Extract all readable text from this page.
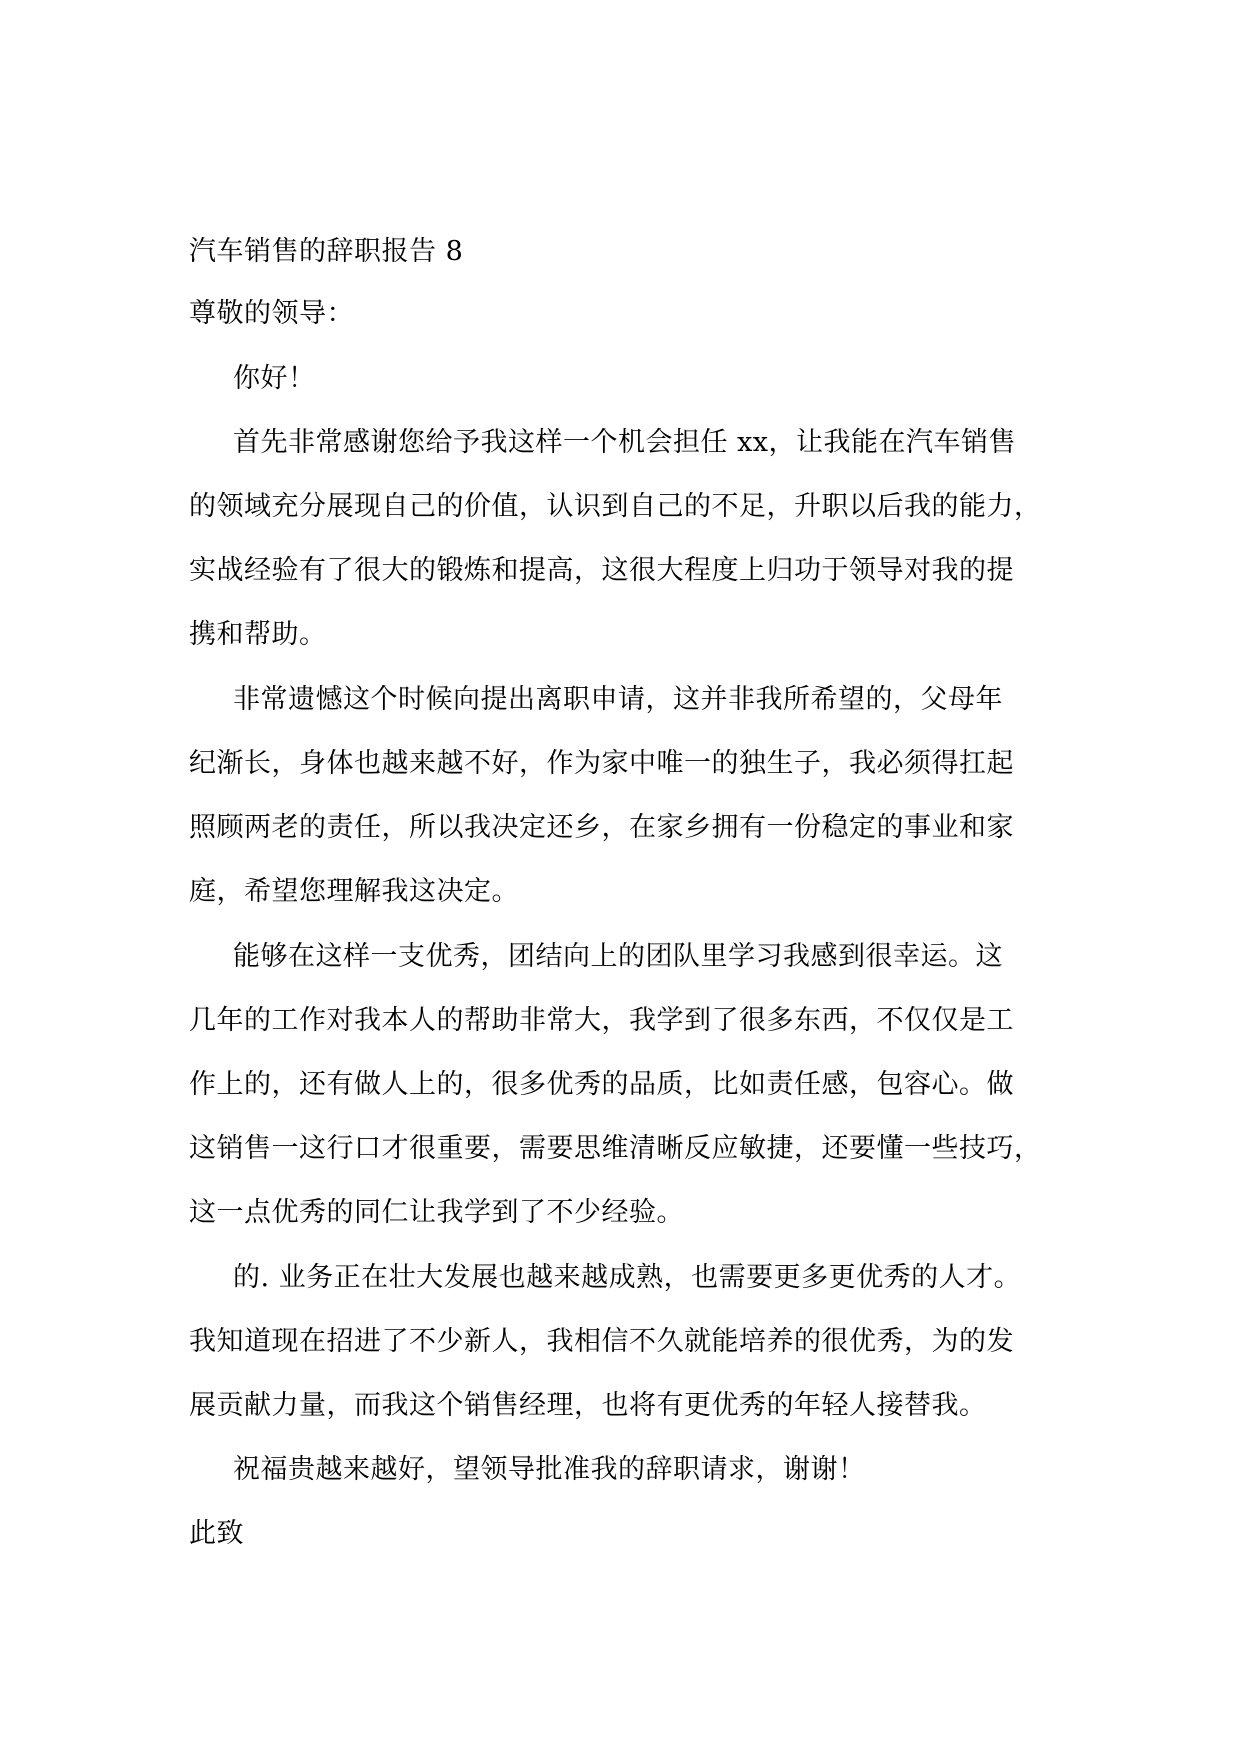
汽车销售的辞职报告 8
尊敬的领导：
你好！
首先非常感谢您给予我这样一个机会担任 xx，让我能在汽车销售
的领域充分展现自己的价值，认识到自己的不足，升职以后我的能力，
实战经验有了很大的锻炼和提高，这很大程度上归功于领导对我的提
携和帮助。
非常遗憾这个时候向提出离职申请，这并非我所希望的，父母年
纪渐长，身体也越来越不好，作为家中唯一的独生子，我必须得扛起
照顾两老的责任，所以我决定还乡，在家乡拥有一份稳定的事业和家
庭，希望您理解我这决定。
能够在这样一支优秀，团结向上的团队里学习我感到很幸运。这
几年的工作对我本人的帮助非常大，我学到了很多东西，不仅仅是工
作上的，还有做人上的，很多优秀的品质，比如责任感，包容心。做
这销售一这行口才很重要，需要思维清晰反应敏捷，还要懂一些技巧，
这一点优秀的同仁让我学到了不少经验。
的. 业务正在壮大发展也越来越成熟，也需要更多更优秀的人才。
我知道现在招进了不少新人，我相信不久就能培养的很优秀，为的发
展贡献力量，而我这个销售经理，也将有更优秀的年轻人接替我。
祝福贵越来越好，望领导批准我的辞职请求，谢谢！
此致
